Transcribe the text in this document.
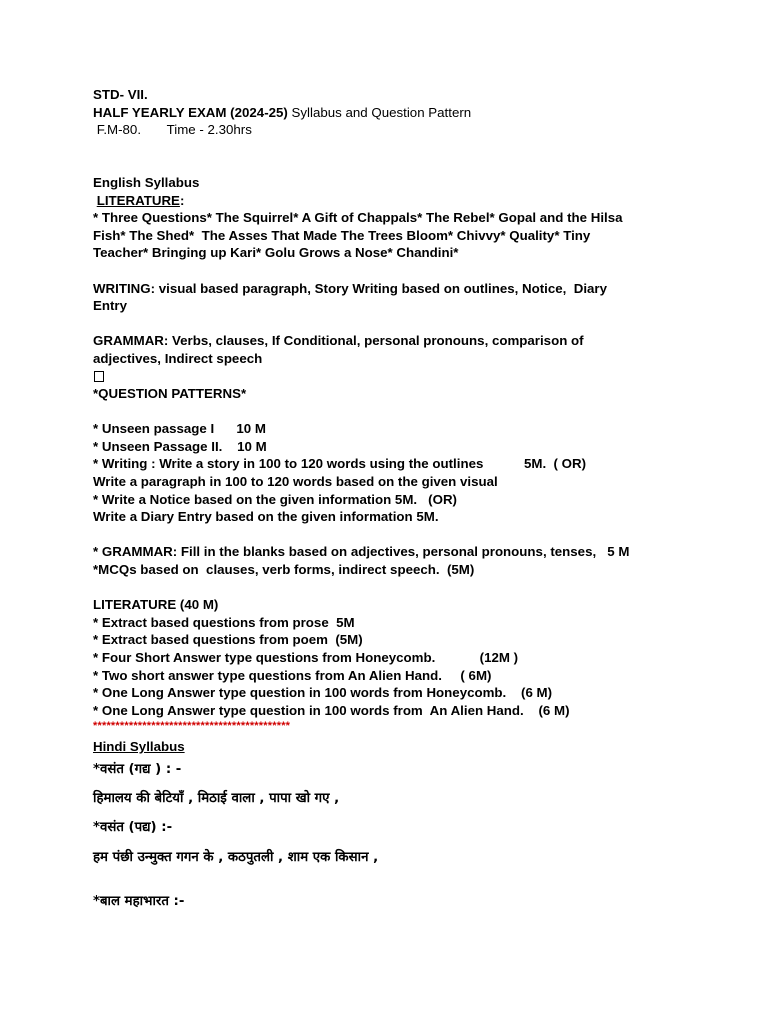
STD- VII.
HALF YEARLY EXAM (2024-25) Syllabus and Question Pattern
F.M-80.       Time - 2.30hrs
English Syllabus
LITERATURE:
* Three Questions* The Squirrel* A Gift of Chappals* The Rebel* Gopal and the Hilsa
Fish* The Shed*  The Asses That Made The Trees Bloom* Chivvy* Quality* Tiny
Teacher* Bringing up Kari* Golu Grows a Nose* Chandini*
WRITING: visual based paragraph, Story Writing based on outlines, Notice,  Diary
Entry
GRAMMAR: Verbs, clauses, If Conditional, personal pronouns, comparison of
adjectives, Indirect speech
*QUESTION PATTERNS*
* Unseen passage I      10 M
* Unseen Passage II.    10 M
* Writing : Write a story in 100 to 120 words using the outlines           5M.  ( OR)
Write a paragraph in 100 to 120 words based on the given visual
* Write a Notice based on the given information 5M.   (OR)
Write a Diary Entry based on the given information 5M.
* GRAMMAR: Fill in the blanks based on adjectives, personal pronouns, tenses,   5 M
*MCQs based on  clauses, verb forms, indirect speech.  (5M)
LITERATURE (40 M)
* Extract based questions from prose  5M
* Extract based questions from poem  (5M)
* Four Short Answer type questions from Honeycomb.            (12M )
* Two short answer type questions from An Alien Hand.     ( 6M)
* One Long Answer type question in 100 words from Honeycomb.    (6 M)
* One Long Answer type question in 100 words from  An Alien Hand.    (6 M)
********************************************
Hindi Syllabus
*वसंत (गद्य ) : -
हिमालय की बेटियाँ , मिठाई वाला , पापा खो गए ,
*वसंत (पद्य) :-
हम पंछी उन्मुक्त गगन के , कठपुतली , शाम एक किसान ,
*बाल महाभारत :-
